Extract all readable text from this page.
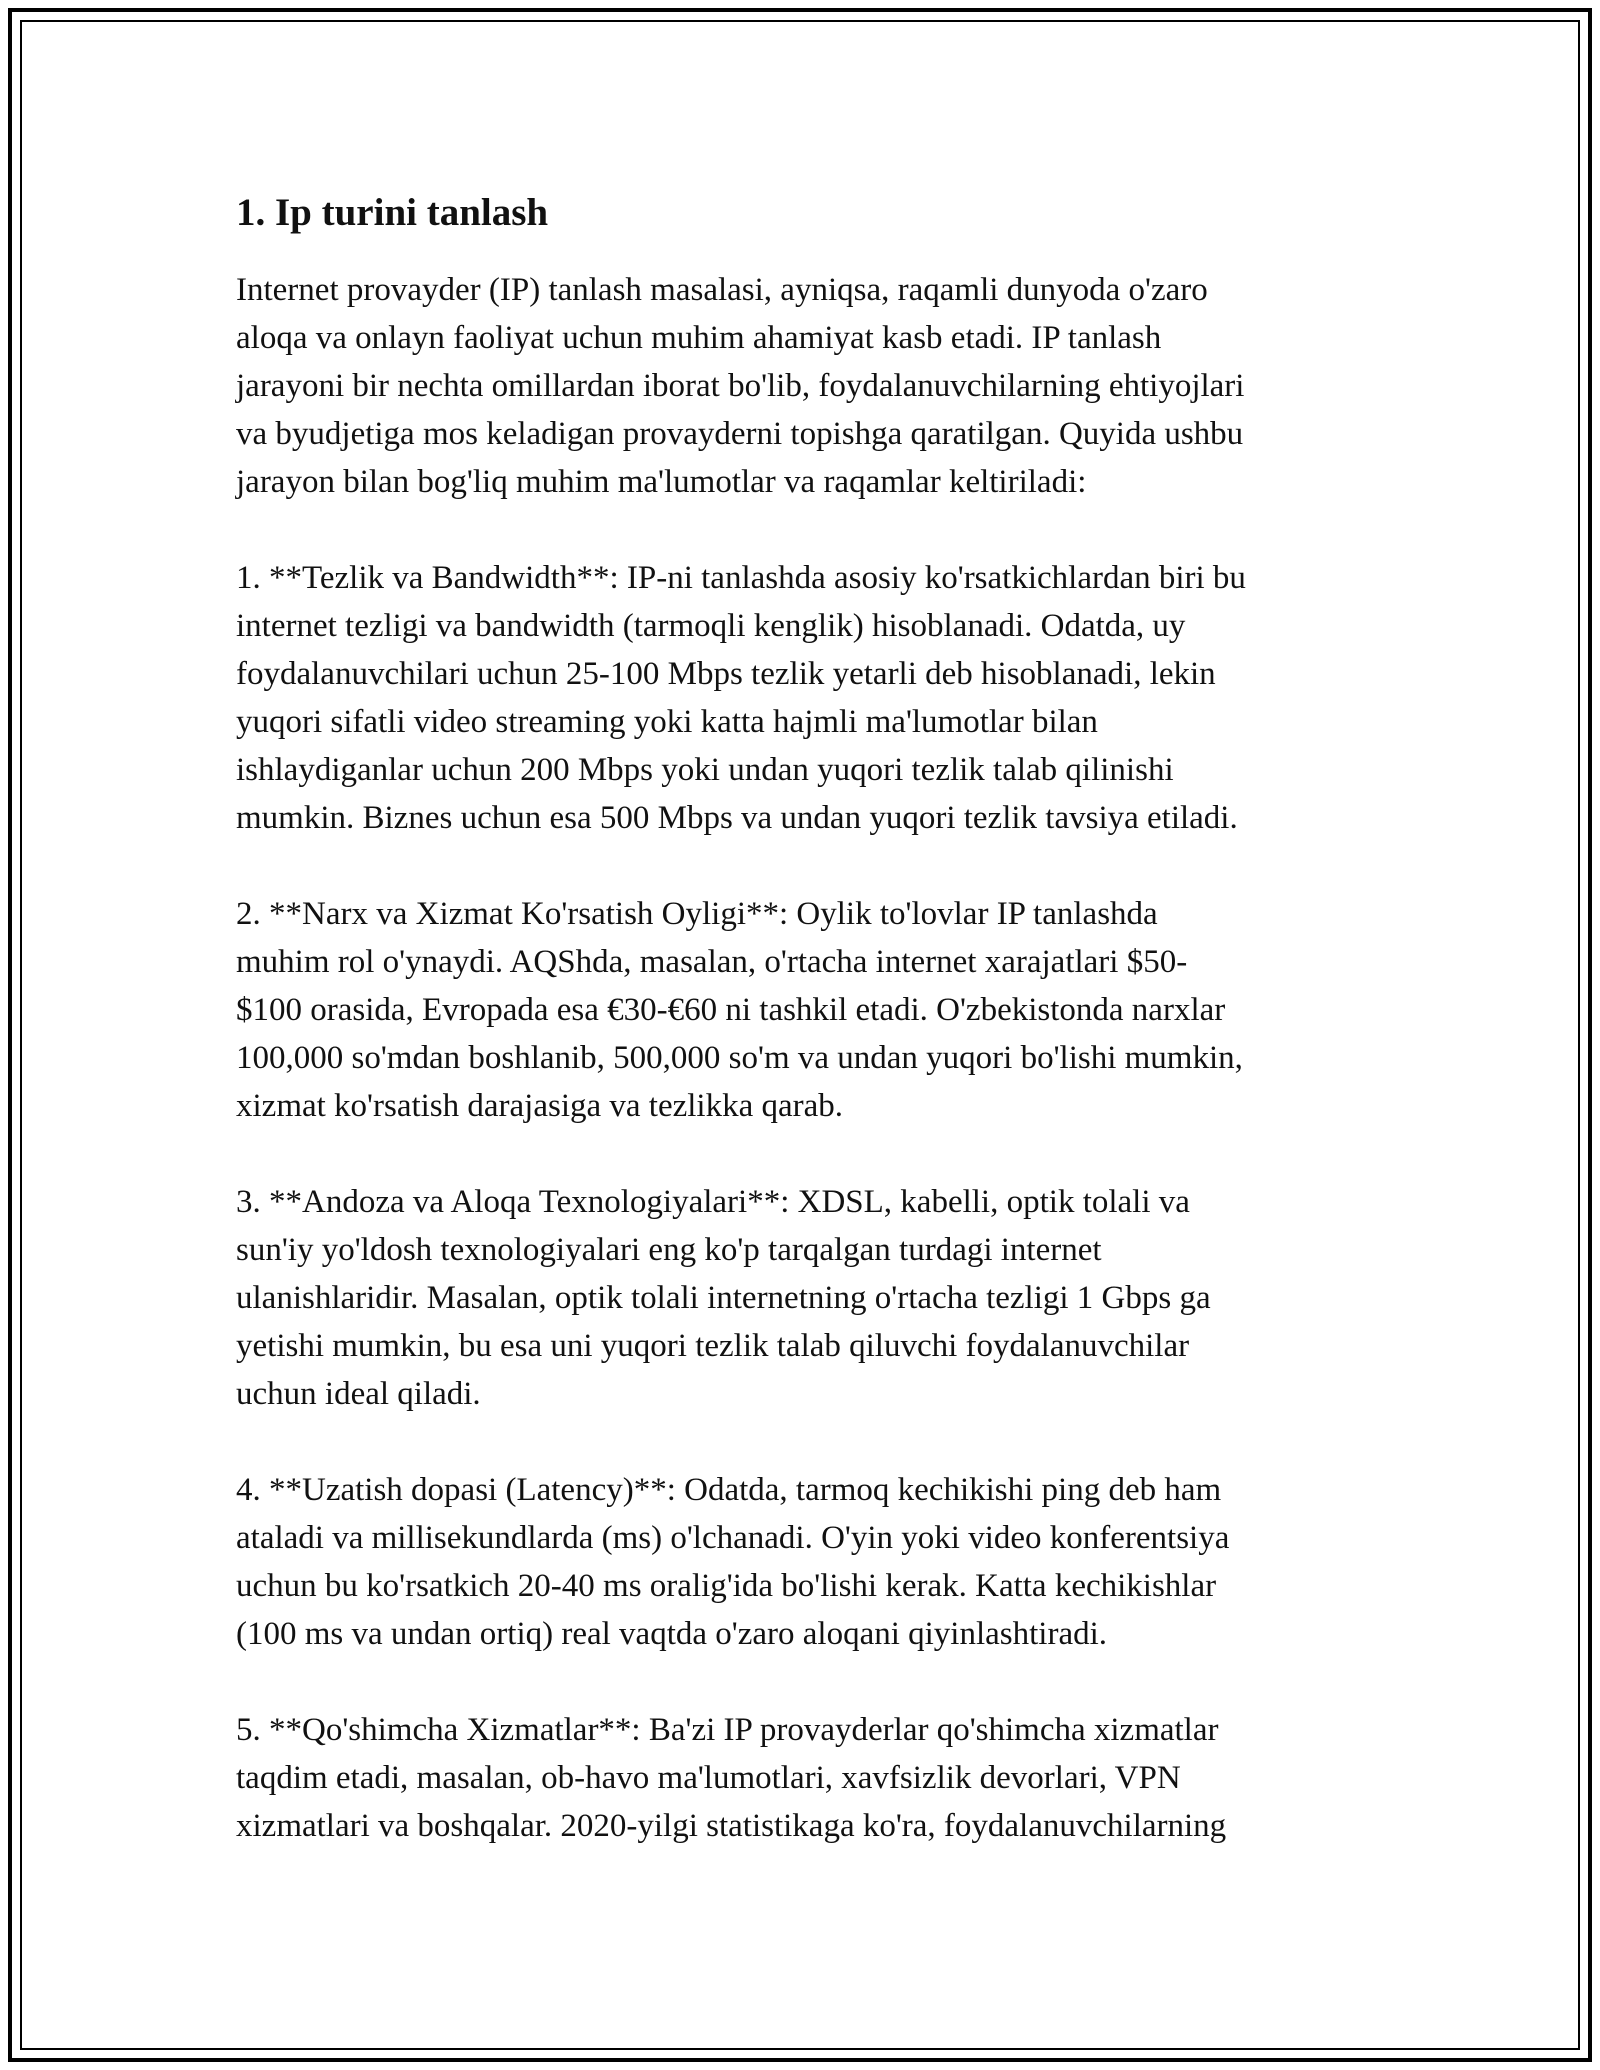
1. Ip turini tanlash

Internet provayder (IP) tanlash masalasi, ayniqsa, raqamli dunyoda o'zaro
aloqa va onlayn faoliyat uchun muhim ahamiyat kasb etadi. IP tanlash
jarayoni bir nechta omillardan iborat bo'lib, foydalanuvchilarning ehtiyojlari
va byudjetiga mos keladigan provayderni topishga qaratilgan. Quyida ushbu
jarayon bilan bog'liq muhim ma'lumotlar va raqamlar keltiriladi:

1. **Tezlik va Bandwidth**: IP-ni tanlashda asosiy ko'rsatkichlardan biri bu
internet tezligi va bandwidth (tarmoqli kenglik) hisoblanadi. Odatda, uy
foydalanuvchilari uchun 25-100 Mbps tezlik yetarli deb hisoblanadi, lekin
yuqori sifatli video streaming yoki katta hajmli ma'lumotlar bilan
ishlaydiganlar uchun 200 Mbps yoki undan yuqori tezlik talab qilinishi
mumkin. Biznes uchun esa 500 Mbps va undan yuqori tezlik tavsiya etiladi.

2. **Narx va Xizmat Ko'rsatish Oyligi**: Oylik to'lovlar IP tanlashda
muhim rol o'ynaydi. AQShda, masalan, o'rtacha internet xarajatlari $50-
$100 orasida, Evropada esa €30-€60 ni tashkil etadi. O'zbekistonda narxlar
100,000 so'mdan boshlanib, 500,000 so'm va undan yuqori bo'lishi mumkin,
xizmat ko'rsatish darajasiga va tezlikka qarab.

3. **Andoza va Aloqa Texnologiyalari**: XDSL, kabelli, optik tolali va
sun'iy yo'ldosh texnologiyalari eng ko'p tarqalgan turdagi internet
ulanishlaridir. Masalan, optik tolali internetning o'rtacha tezligi 1 Gbps ga
yetishi mumkin, bu esa uni yuqori tezlik talab qiluvchi foydalanuvchilar
uchun ideal qiladi.

4. **Uzatish dopasi (Latency)**: Odatda, tarmoq kechikishi ping deb ham
ataladi va millisekundlarda (ms) o'lchanadi. O'yin yoki video konferentsiya
uchun bu ko'rsatkich 20-40 ms oralig'ida bo'lishi kerak. Katta kechikishlar
(100 ms va undan ortiq) real vaqtda o'zaro aloqani qiyinlashtiradi.

5. **Qo'shimcha Xizmatlar**: Ba'zi IP provayderlar qo'shimcha xizmatlar
taqdim etadi, masalan, ob-havo ma'lumotlari, xavfsizlik devorlari, VPN
xizmatlari va boshqalar. 2020-yilgi statistikaga ko'ra, foydalanuvchilarning
